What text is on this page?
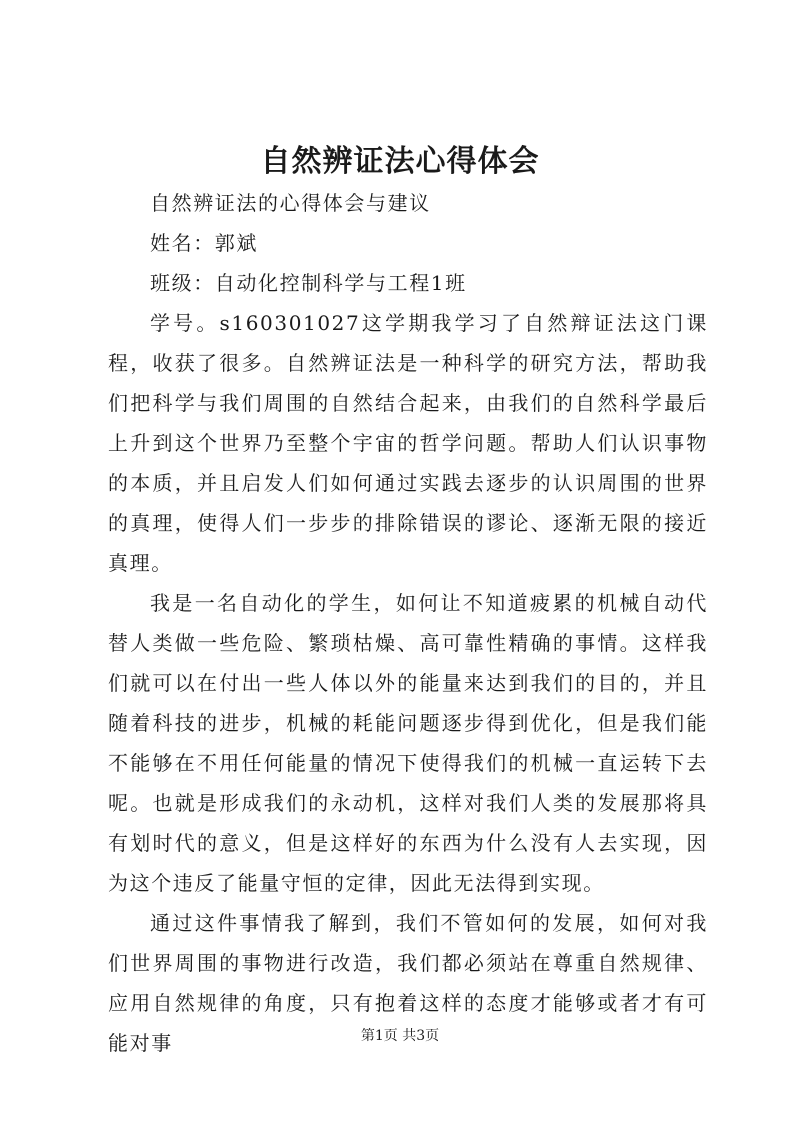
自然辨证法心得体会

自然辨证法的心得体会与建议

姓名：郭斌

班级：自动化控制科学与工程1班

学号。s160301027这学期我学习了自然辩证法这门课程，收获了很多。自然辨证法是一种科学的研究方法，帮助我们把科学与我们周围的自然结合起来，由我们的自然科学最后上升到这个世界乃至整个宇宙的哲学问题。帮助人们认识事物的本质，并且启发人们如何通过实践去逐步的认识周围的世界的真理，使得人们一步步的排除错误的谬论、逐渐无限的接近真理。

我是一名自动化的学生，如何让不知道疲累的机械自动代替人类做一些危险、繁琐枯燥、高可靠性精确的事情。这样我们就可以在付出一些人体以外的能量来达到我们的目的，并且随着科技的进步，机械的耗能问题逐步得到优化，但是我们能不能够在不用任何能量的情况下使得我们的机械一直运转下去呢。也就是形成我们的永动机，这样对我们人类的发展那将具有划时代的意义，但是这样好的东西为什么没有人去实现，因为这个违反了能量守恒的定律，因此无法得到实现。

通过这件事情我了解到，我们不管如何的发展，如何对我们世界周围的事物进行改造，我们都必须站在尊重自然规律、应用自然规律的角度，只有抱着这样的态度才能够或者才有可能对事	第1页 共3页
